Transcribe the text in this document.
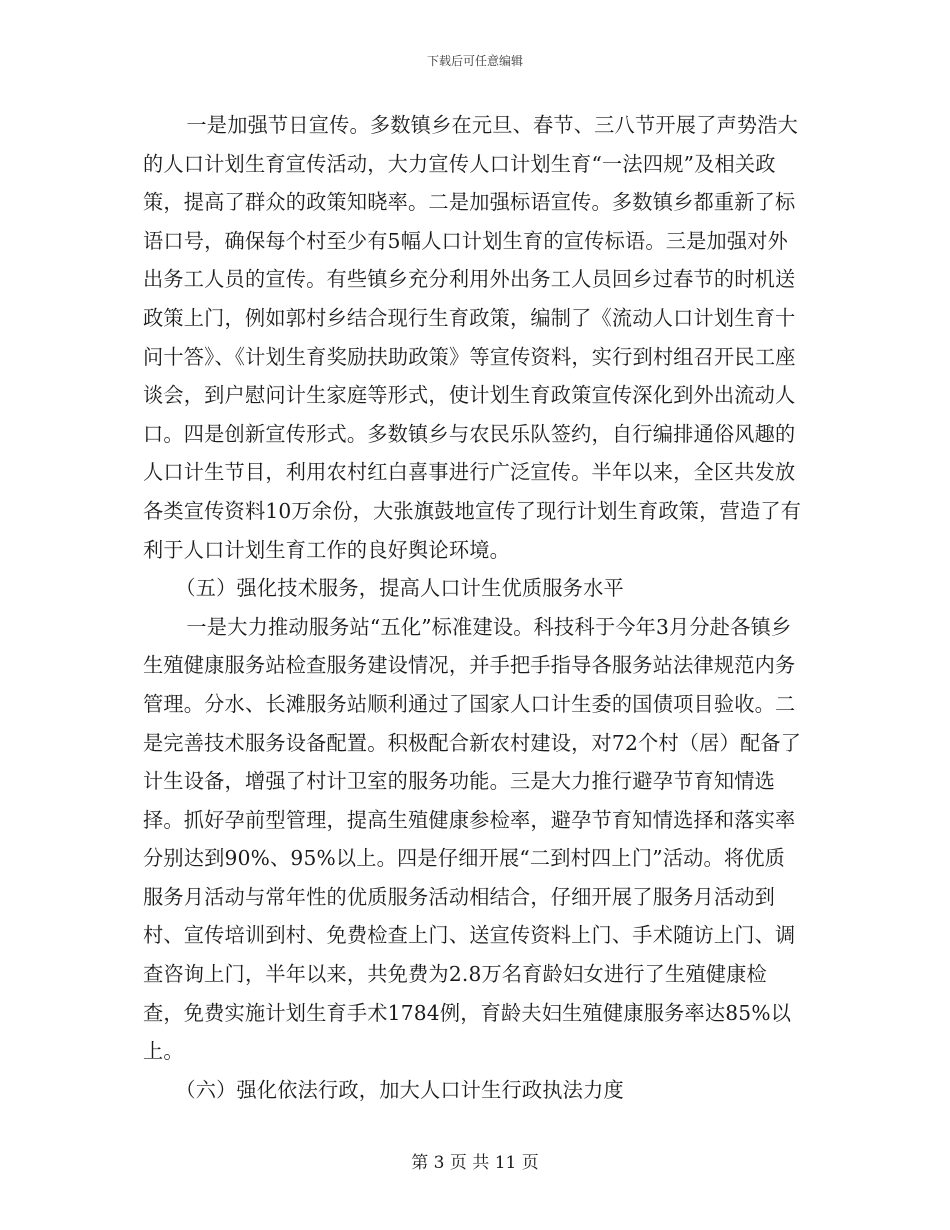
下载后可任意编辑

一是加强节日宣传。多数镇乡在元旦、春节、三八节开展了声势浩大的人口计划生育宣传活动，大力宣传人口计划生育“一法四规”及相关政策，提高了群众的政策知晓率。二是加强标语宣传。多数镇乡都重新了标语口号，确保每个村至少有5幅人口计划生育的宣传标语。三是加强对外出务工人员的宣传。有些镇乡充分利用外出务工人员回乡过春节的时机送政策上门，例如郭村乡结合现行生育政策，编制了《流动人口计划生育十问十答》、《计划生育奖励扶助政策》等宣传资料，实行到村组召开民工座谈会，到户慰问计生家庭等形式，使计划生育政策宣传深化到外出流动人口。四是创新宣传形式。多数镇乡与农民乐队签约，自行编排通俗风趣的人口计生节目，利用农村红白喜事进行广泛宣传。半年以来，全区共发放各类宣传资料10万余份，大张旗鼓地宣传了现行计划生育政策，营造了有利于人口计划生育工作的良好舆论环境。

（五）强化技术服务，提高人口计生优质服务水平

一是大力推动服务站“五化”标准建设。科技科于今年3月分赴各镇乡生殖健康服务站检查服务建设情况，并手把手指导各服务站法律规范内务管理。分水、长滩服务站顺利通过了国家人口计生委的国债项目验收。二是完善技术服务设备配置。积极配合新农村建设，对72个村（居）配备了计生设备，增强了村计卫室的服务功能。三是大力推行避孕节育知情选择。抓好孕前型管理，提高生殖健康参检率，避孕节育知情选择和落实率分别达到90%、95%以上。四是仔细开展“二到村四上门”活动。将优质服务月活动与常年性的优质服务活动相结合，仔细开展了服务月活动到村、宣传培训到村、免费检查上门、送宣传资料上门、手术随访上门、调查咨询上门，半年以来，共免费为2.8万名育龄妇女进行了生殖健康检查，免费实施计划生育手术1784例，育龄夫妇生殖健康服务率达85%以上。

（六）强化依法行政，加大人口计生行政执法力度

第 3 页 共 11 页
